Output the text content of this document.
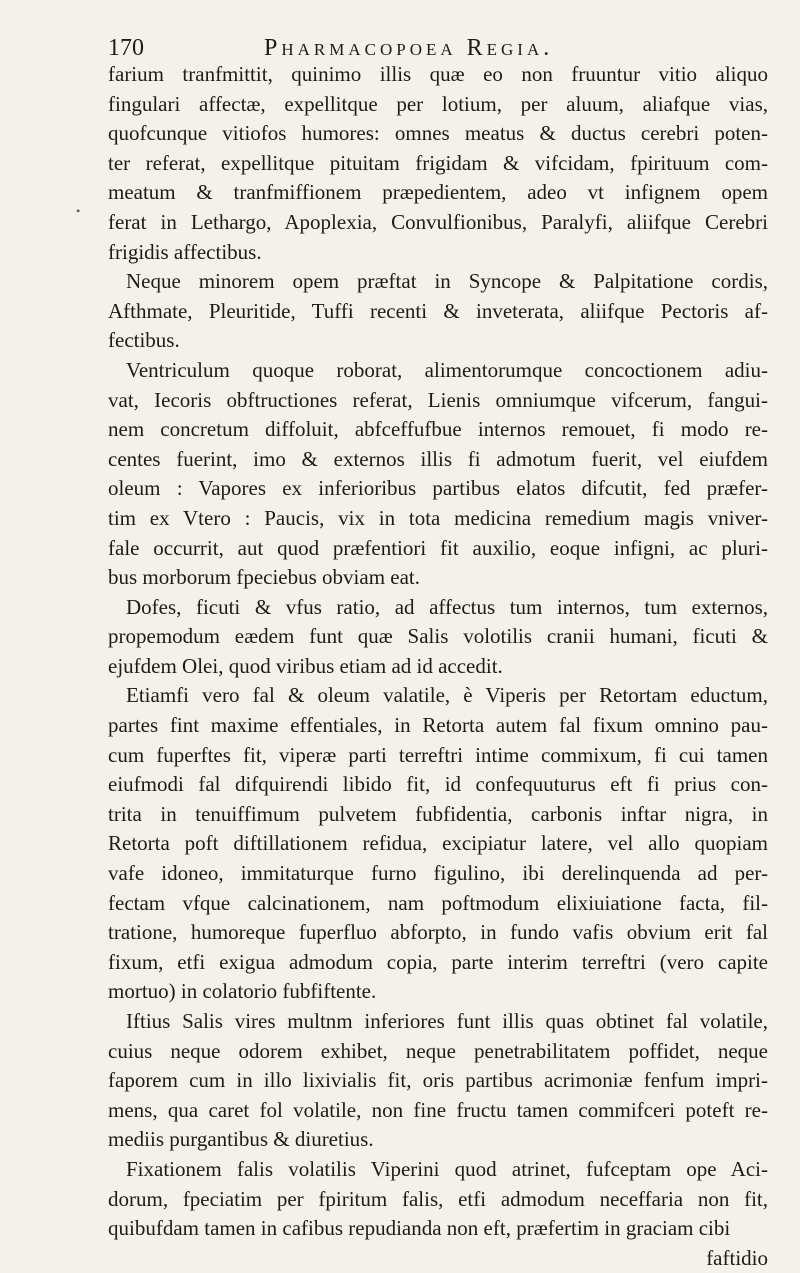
170	Pharmacopoea Regia.
farium tranfmittit, quinimo illis quæ eo non fruuntur vitio aliquo
fingulari affectæ, expellitque per lotium, per aluum, aliafque vias,
quofcunque vitiofos humores: omnes meatus & ductus cerebri poten-
ter referat, expellitque pituitam frigidam & vifcidam, fpirituum com-
meatum & tranfmiffionem præpedientem, adeo vt infignem opem
ferat in Lethargo, Apoplexia, Convulfionibus, Paralyfi, aliifque Cerebri
frigidis affectibus.
Neque minorem opem præftat in Syncope & Palpitatione cordis,
Afthmate, Pleuritide, Tuffi recenti & inveterata, aliifque Pectoris af-
fectibus.
Ventriculum quoque roborat, alimentorumque concoctionem adiu-
vat, Iecoris obftructiones referat, Lienis omniumque vifcerum, fangui-
nem concretum diffoluit, abfceffufbue internos remouet, fi modo re-
centes fuerint, imo & externos illis fi admotum fuerit, vel eiufdem
oleum : Vapores ex inferioribus partibus elatos difcutit, fed præfer-
tim ex Vtero : Paucis, vix in tota medicina remedium magis vniver-
fale occurrit, aut quod præfentiori fit auxilio, eoque infigni, ac pluri-
bus morborum fpeciebus obviam eat.
Dofes, ficuti & vfus ratio, ad affectus tum internos, tum externos,
propemodum eædem funt quæ Salis volotilis cranii humani, ficuti &
ejufdem Olei, quod viribus etiam ad id accedit.
Etiamfi vero fal & oleum valatile, è Viperis per Retortam eductum,
partes fint maxime effentiales, in Retorta autem fal fixum omnino pau-
cum fuperftes fit, viperæ parti terreftri intime commixum, fi cui tamen
eiufmodi fal difquirendi libido fit, id confequuturus eft fi prius con-
trita in tenuiffimum pulvetem fubfidentia, carbonis inftar nigra, in
Retorta poft diftillationem refidua, excipiatur latere, vel allo quopiam
vafe idoneo, immitaturque furno figulino, ibi derelinquenda ad per-
fectam vfque calcinationem, nam poftmodum elixiuiatione facta, fil-
tratione, humoreque fuperfluo abforpto, in fundo vafis obvium erit fal
fixum, etfi exigua admodum copia, parte interim terreftri (vero capite
mortuo) in colatorio fubfiftente.
Iftius Salis vires multnm inferiores funt illis quas obtinet fal volatile,
cuius neque odorem exhibet, neque penetrabilitatem poffidet, neque
faporem cum in illo lixivialis fit, oris partibus acrimoniæ fenfum impri-
mens, qua caret fol volatile, non fine fructu tamen commifceri poteft re-
mediis purgantibus & diuretius.
Fixationem falis volatilis Viperini quod atrinet, fufceptam ope Aci-
dorum, fpeciatim per fpiritum falis, etfi admodum neceffaria non fit,
quibufdam tamen in cafibus repudianda non eft, præfertim in graciam cibi
faftidio
•
